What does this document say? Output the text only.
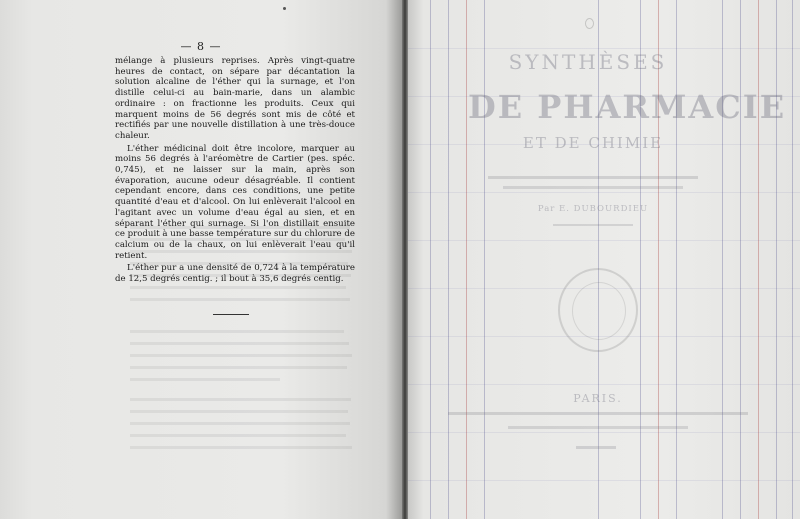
— 8 —

mélange à plusieurs reprises. Après vingt-quatre heures de contact, on sépare par décantation la solution alcaline de l'éther qui la surnage, et l'on distille celui-ci au bain-marie, dans un alambic ordinaire : on fractionne les produits. Ceux qui marquent moins de 56 degrés sont mis de côté et rectifiés par une nouvelle distillation à une très-douce chaleur.

L'éther médicinal doit être incolore, marquer au moins 56 degrés à l'aréomètre de Cartier (pes. spéc. 0,745), et ne laisser sur la main, après son évaporation, aucune odeur désagréable. Il contient cependant encore, dans ces conditions, une petite quantité d'eau et d'alcool. On lui enlèverait l'alcool en l'agitant avec un volume d'eau égal au sien, et en séparant l'éther qui surnage. Si l'on distillait ensuite ce produit à une basse température sur du chlorure de calcium ou de la chaux, on lui enlèverait l'eau qu'il retient.

L'éther pur a une densité de 0,724 à la température de 12,5 degrés centig. ; il bout à 35,6 degrés centig.

SYNTHÈSES
DE PHARMACIE
ET DE CHIMIE
Par E. DUBOURDIEU
PARIS.
